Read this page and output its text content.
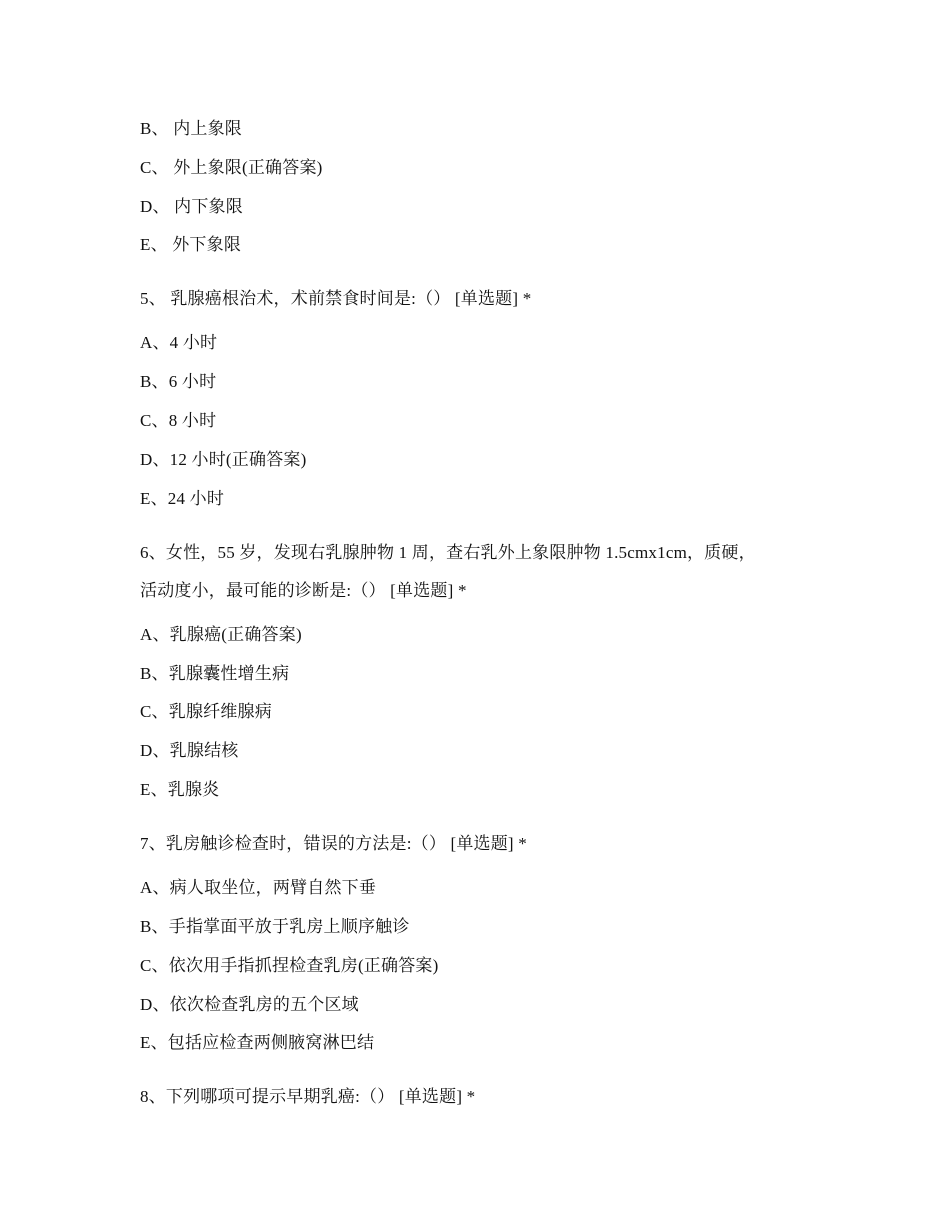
B、 内上象限
C、 外上象限(正确答案)
D、 内下象限
E、 外下象限
5、 乳腺癌根治术，术前禁食时间是:（） [单选题] *
A、4 小时
B、6 小时
C、8 小时
D、12 小时(正确答案)
E、24 小时
6、女性，55 岁，发现右乳腺肿物 1 周，查右乳外上象限肿物 1.5cmx1cm，质硬，
活动度小，最可能的诊断是:（） [单选题] *
A、乳腺癌(正确答案)
B、乳腺囊性增生病
C、乳腺纤维腺病
D、乳腺结核
E、乳腺炎
7、乳房触诊检查时，错误的方法是:（） [单选题] *
A、病人取坐位，两臂自然下垂
B、手指掌面平放于乳房上顺序触诊
C、依次用手指抓捏检查乳房(正确答案)
D、依次检查乳房的五个区域
E、包括应检查两侧腋窝淋巴结
8、下列哪项可提示早期乳癌:（） [单选题] *
